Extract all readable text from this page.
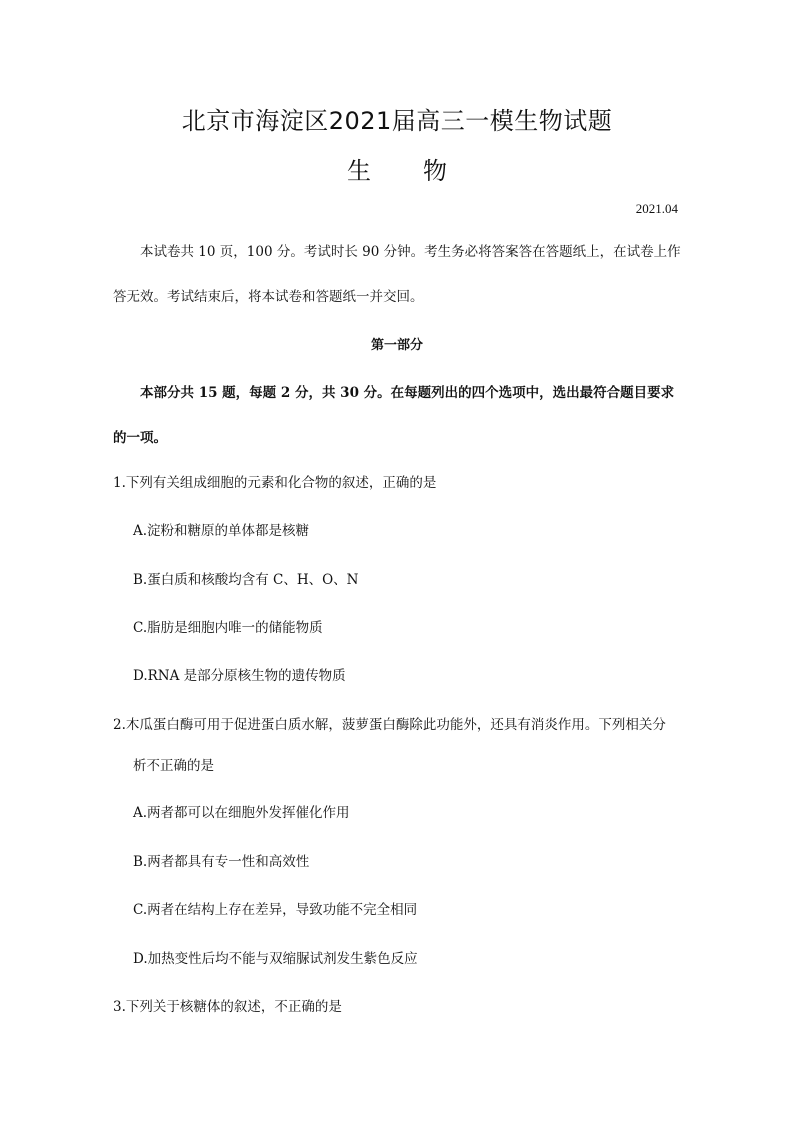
北京市海淀区2021届高三一模生物试题
生物
2021.04
本试卷共 10 页，100 分。考试时长 90 分钟。考生务必将答案答在答题纸上，在试卷上作
答无效。考试结束后，将本试卷和答题纸一并交回。
第一部分
本部分共 15 题，每题 2 分，共 30 分。在每题列出的四个选项中，选出最符合题目要求
的一项。
1.下列有关组成细胞的元素和化合物的叙述，正确的是
A.淀粉和糖原的单体都是核糖
B.蛋白质和核酸均含有 C、H、O、N
C.脂肪是细胞内唯一的储能物质
D.RNA 是部分原核生物的遗传物质
2.木瓜蛋白酶可用于促进蛋白质水解，菠萝蛋白酶除此功能外，还具有消炎作用。下列相关分
析不正确的是
A.两者都可以在细胞外发挥催化作用
B.两者都具有专一性和高效性
C.两者在结构上存在差异，导致功能不完全相同
D.加热变性后均不能与双缩脲试剂发生紫色反应
3.下列关于核糖体的叙述，不正确的是
